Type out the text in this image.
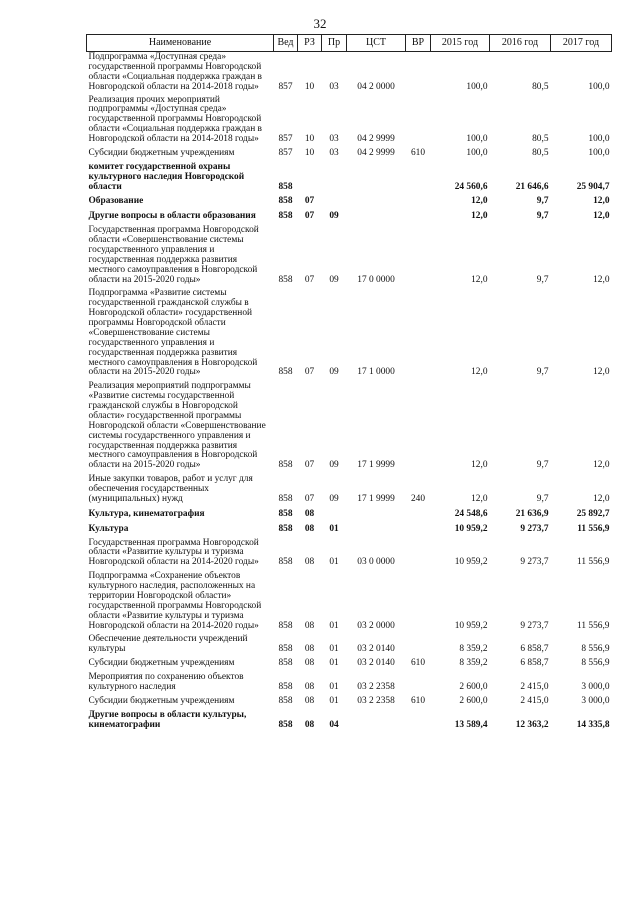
32
Наименование	Вед	РЗ	Пр	ЦСТ	ВР	2015 год	2016 год	2017 год
Подпрограмма «Доступная среда» государственной программы Новгородской области «Социальная поддержка граждан в Новгородской области на 2014-2018 годы»	857	10	03	04 2 0000		100,0	80,5	100,0
Реализация прочих мероприятий подпрограммы «Доступная среда» государственной программы Новгородской области «Социальная поддержка граждан в Новгородской области на 2014-2018 годы»	857	10	03	04 2 9999		100,0	80,5	100,0
Субсидии бюджетным учреждениям	857	10	03	04 2 9999	610	100,0	80,5	100,0
комитет государственной охраны культурного наследия Новгородской области	858					24 560,6	21 646,6	25 904,7
Образование	858	07				12,0	9,7	12,0
Другие вопросы в области образования	858	07	09			12,0	9,7	12,0
Государственная программа Новгородской области «Совершенствование системы государственного управления и государственная поддержка развития местного самоуправления в Новгородской области на 2015-2020 годы»	858	07	09	17 0 0000		12,0	9,7	12,0
Подпрограмма «Развитие системы государственной гражданской службы в Новгородской области» государственной программы Новгородской области «Совершенствование системы государственного управления и государственная поддержка развития местного самоуправления в Новгородской области на 2015-2020 годы»	858	07	09	17 1 0000		12,0	9,7	12,0
Реализация мероприятий подпрограммы «Развитие системы государственной гражданской службы в Новгородской области» государственной программы Новгородской области «Совершенствование системы государственного управления и государственная поддержка развития местного самоуправления в Новгородской области на 2015-2020 годы»	858	07	09	17 1 9999		12,0	9,7	12,0
Иные закупки товаров, работ и услуг для обеспечения государственных (муниципальных) нужд	858	07	09	17 1 9999	240	12,0	9,7	12,0
Культура, кинематография	858	08				24 548,6	21 636,9	25 892,7
Культура	858	08	01			10 959,2	9 273,7	11 556,9
Государственная программа Новгородской области «Развитие культуры и туризма Новгородской области на 2014-2020 годы»	858	08	01	03 0 0000		10 959,2	9 273,7	11 556,9
Подпрограмма «Сохранение объектов культурного наследия, расположенных на территории Новгородской области» государственной программы Новгородской области «Развитие культуры и туризма Новгородской области на 2014-2020 годы»	858	08	01	03 2 0000		10 959,2	9 273,7	11 556,9
Обеспечение деятельности учреждений культуры	858	08	01	03 2 0140		8 359,2	6 858,7	8 556,9
Субсидии бюджетным учреждениям	858	08	01	03 2 0140	610	8 359,2	6 858,7	8 556,9
Мероприятия по сохранению объектов культурного наследия	858	08	01	03 2 2358		2 600,0	2 415,0	3 000,0
Субсидии бюджетным учреждениям	858	08	01	03 2 2358	610	2 600,0	2 415,0	3 000,0
Другие вопросы в области культуры, кинематографии	858	08	04			13 589,4	12 363,2	14 335,8
